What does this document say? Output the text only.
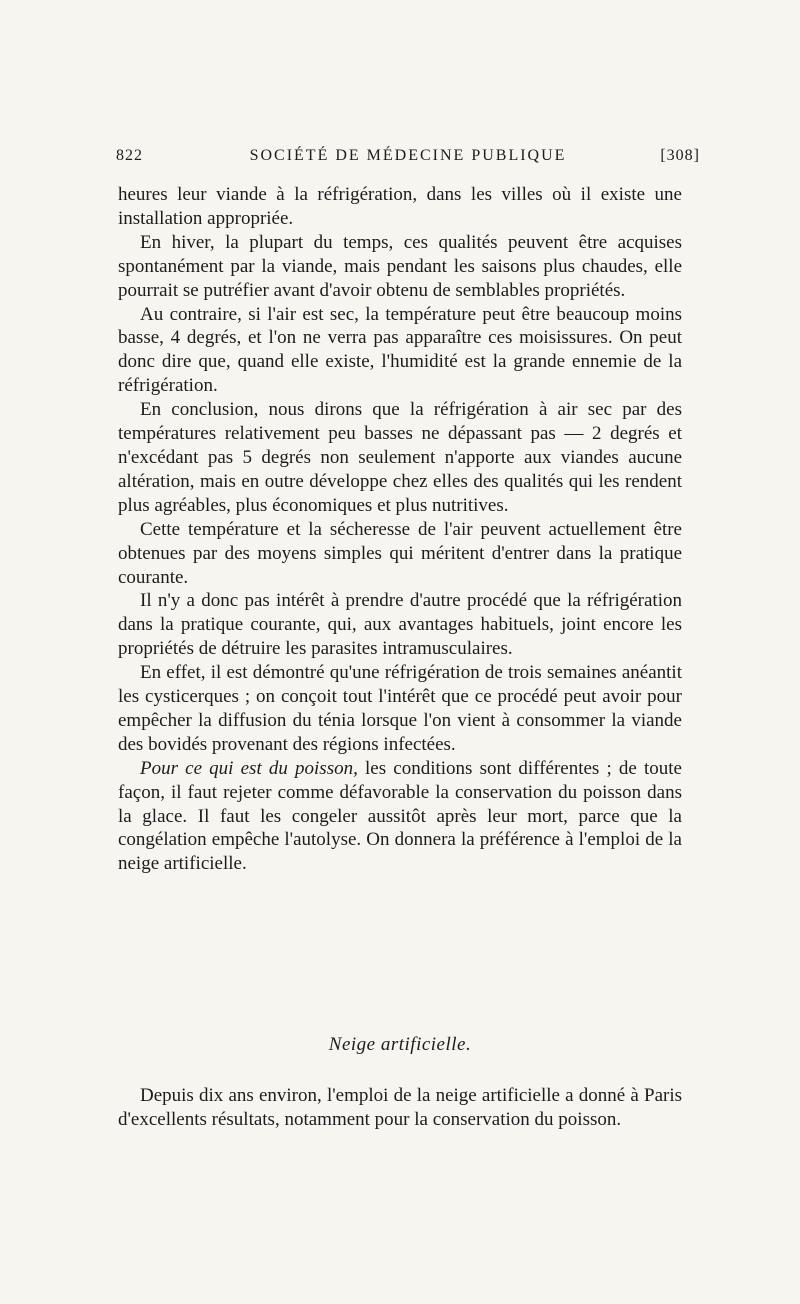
822	SOCIÉTÉ DE MÉDECINE PUBLIQUE	[308]

heures leur viande à la réfrigération, dans les villes où il existe une installation appropriée.

En hiver, la plupart du temps, ces qualités peuvent être acquises spontanément par la viande, mais pendant les saisons plus chaudes, elle pourrait se putréfier avant d'avoir obtenu de semblables propriétés.

Au contraire, si l'air est sec, la température peut être beaucoup moins basse, 4 degrés, et l'on ne verra pas apparaître ces moisissures. On peut donc dire que, quand elle existe, l'humidité est la grande ennemie de la réfrigération.

En conclusion, nous dirons que la réfrigération à air sec par des températures relativement peu basses ne dépassant pas — 2 degrés et n'excédant pas 5 degrés non seulement n'apporte aux viandes aucune altération, mais en outre développe chez elles des qualités qui les rendent plus agréables, plus économiques et plus nutritives.

Cette température et la sécheresse de l'air peuvent actuellement être obtenues par des moyens simples qui méritent d'entrer dans la pratique courante.

Il n'y a donc pas intérêt à prendre d'autre procédé que la réfrigération dans la pratique courante, qui, aux avantages habituels, joint encore les propriétés de détruire les parasites intramusculaires.

En effet, il est démontré qu'une réfrigération de trois semaines anéantit les cysticerques ; on conçoit tout l'intérêt que ce procédé peut avoir pour empêcher la diffusion du ténia lorsque l'on vient à consommer la viande des bovidés provenant des régions infectées.

Pour ce qui est du poisson, les conditions sont différentes ; de toute façon, il faut rejeter comme défavorable la conservation du poisson dans la glace. Il faut les congeler aussitôt après leur mort, parce que la congélation empêche l'autolyse. On donnera la préférence à l'emploi de la neige artificielle.

Neige artificielle.

Depuis dix ans environ, l'emploi de la neige artificielle a donné à Paris d'excellents résultats, notamment pour la conservation du poisson.
